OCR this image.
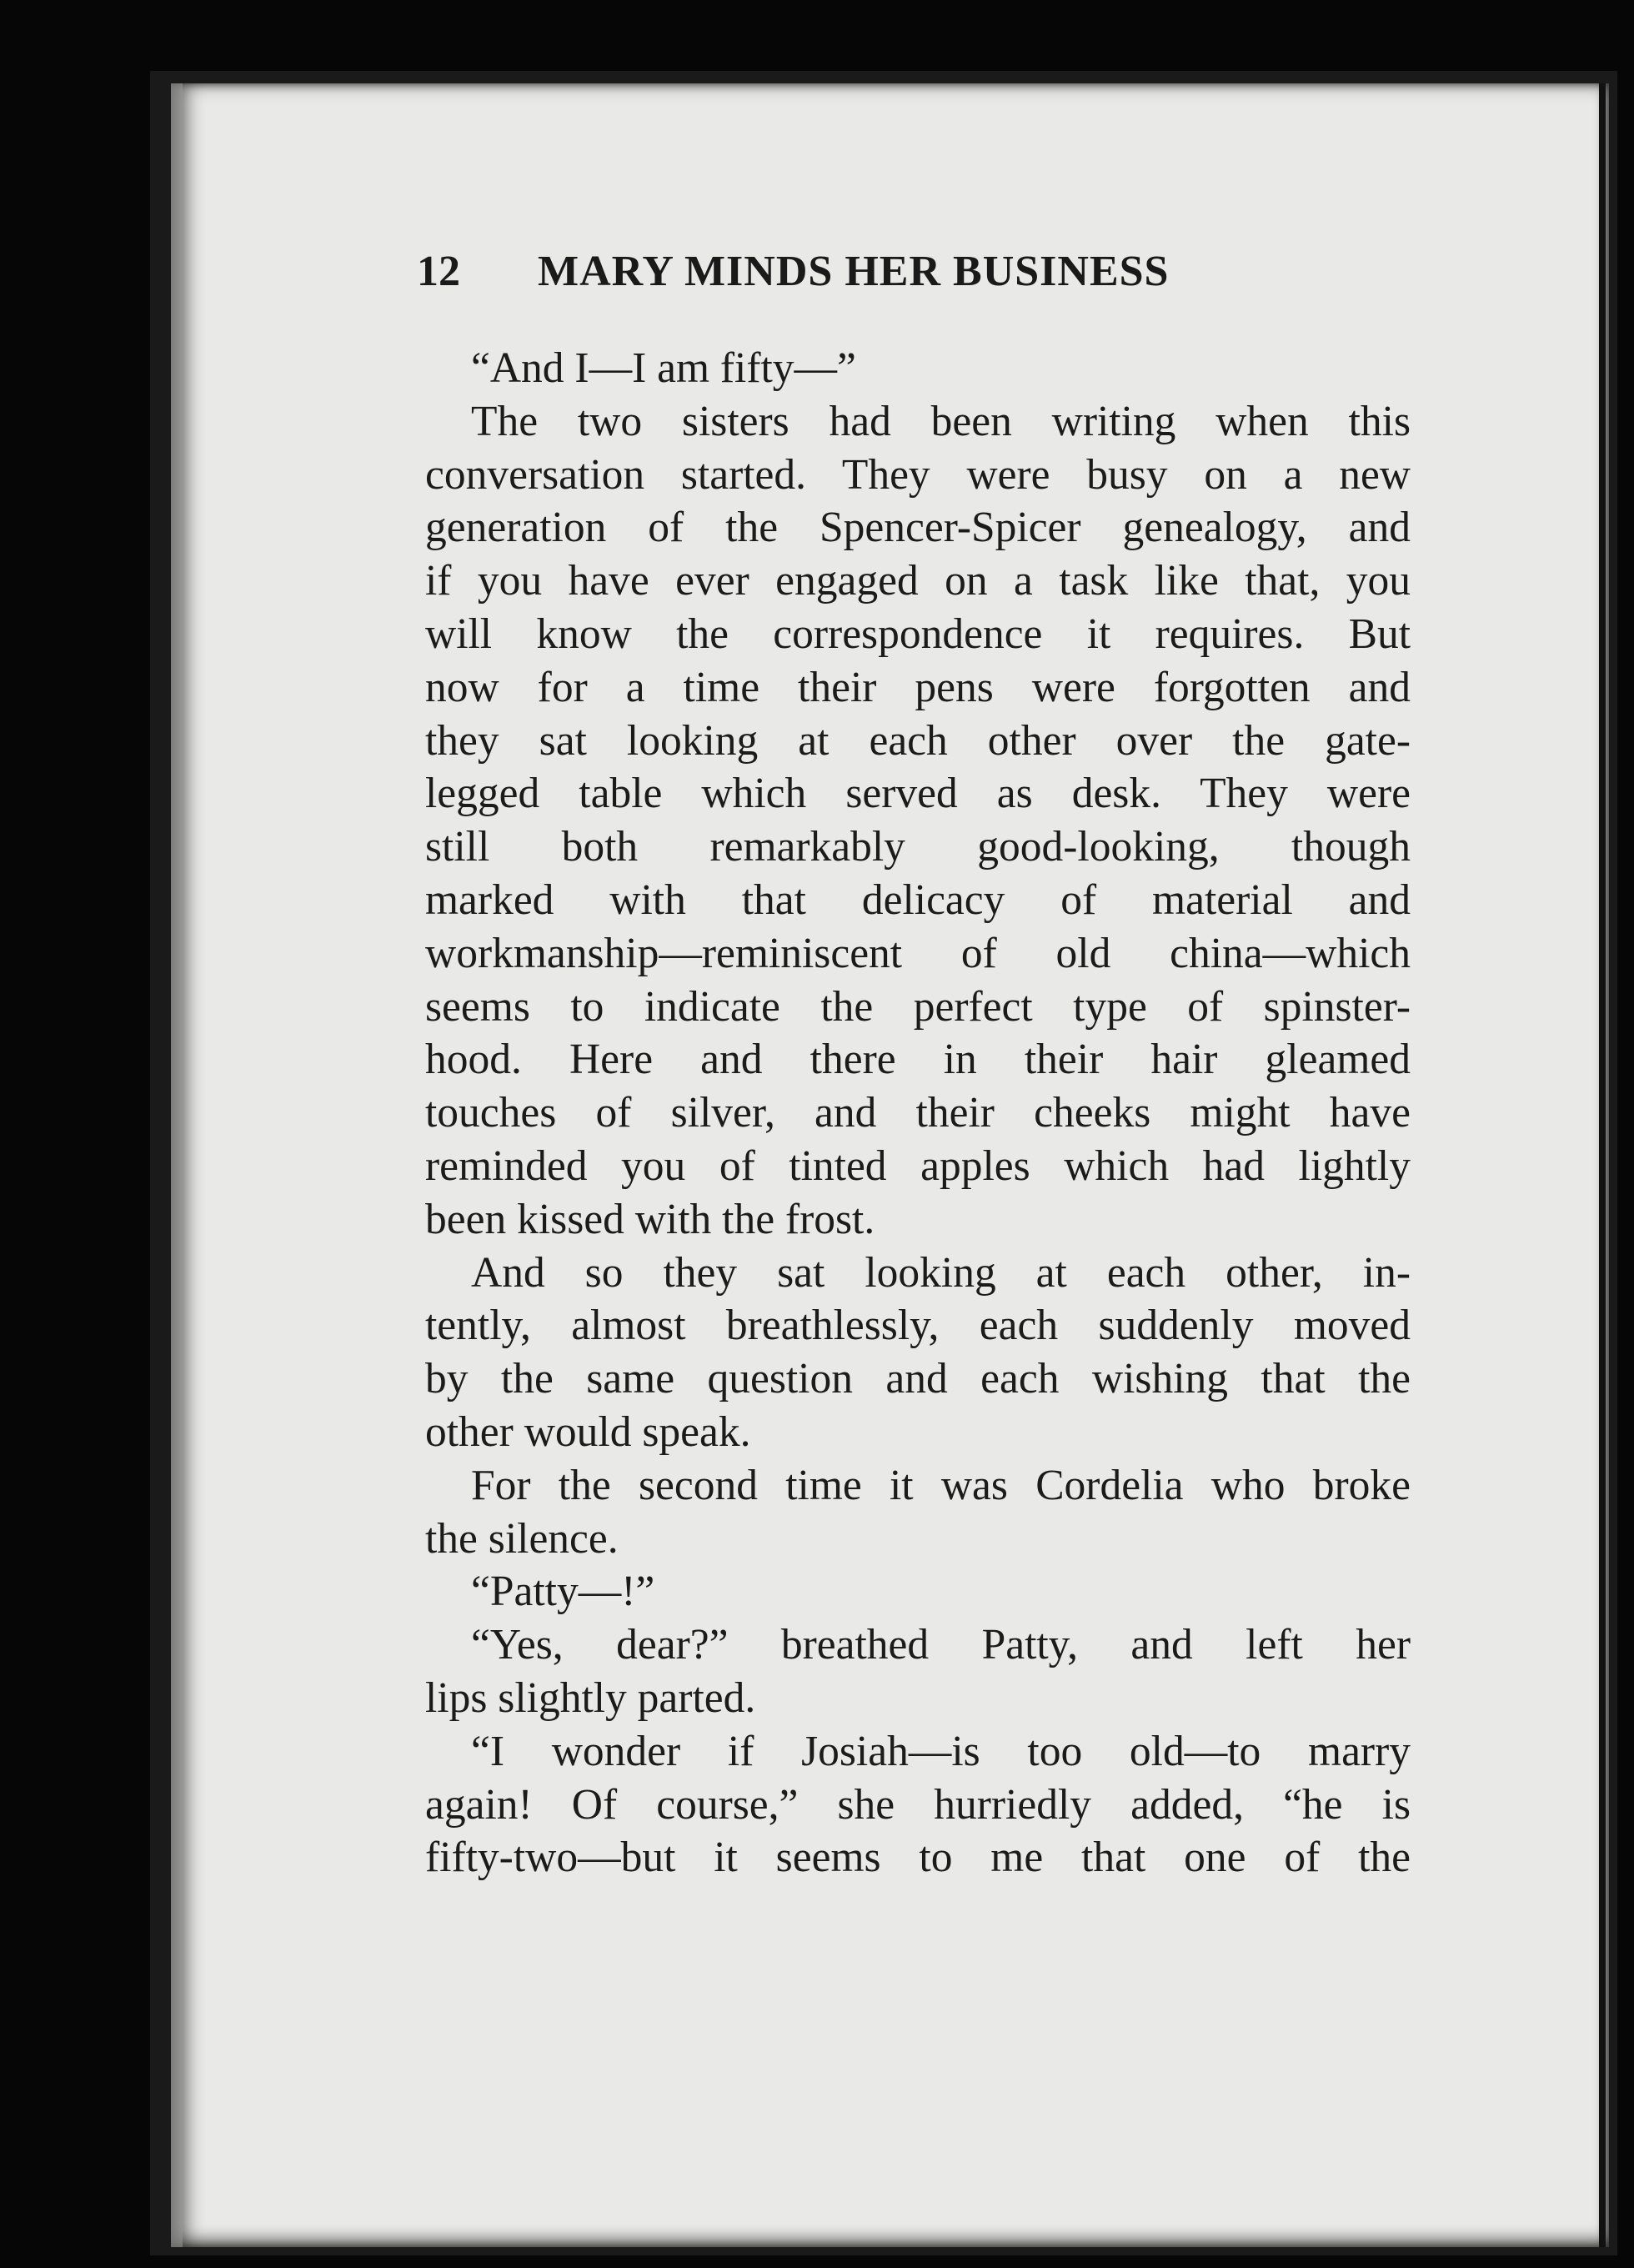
12 MARY MINDS HER BUSINESS
“And I—I am fifty—”
The two sisters had been writing when this
conversation started. They were busy on a new
generation of the Spencer-Spicer genealogy, and
if you have ever engaged on a task like that, you
will know the correspondence it requires. But
now for a time their pens were forgotten and
they sat looking at each other over the gate-
legged table which served as desk. They were
still both remarkably good-looking, though
marked with that delicacy of material and
workmanship—reminiscent of old china—which
seems to indicate the perfect type of spinster-
hood. Here and there in their hair gleamed
touches of silver, and their cheeks might have
reminded you of tinted apples which had lightly
been kissed with the frost.
And so they sat looking at each other, in-
tently, almost breathlessly, each suddenly moved
by the same question and each wishing that the
other would speak.
For the second time it was Cordelia who broke
the silence.
“Patty—!”
“Yes, dear?” breathed Patty, and left her
lips slightly parted.
“I wonder if Josiah—is too old—to marry
again! Of course,” she hurriedly added, “he is
fifty-two—but it seems to me that one of the
